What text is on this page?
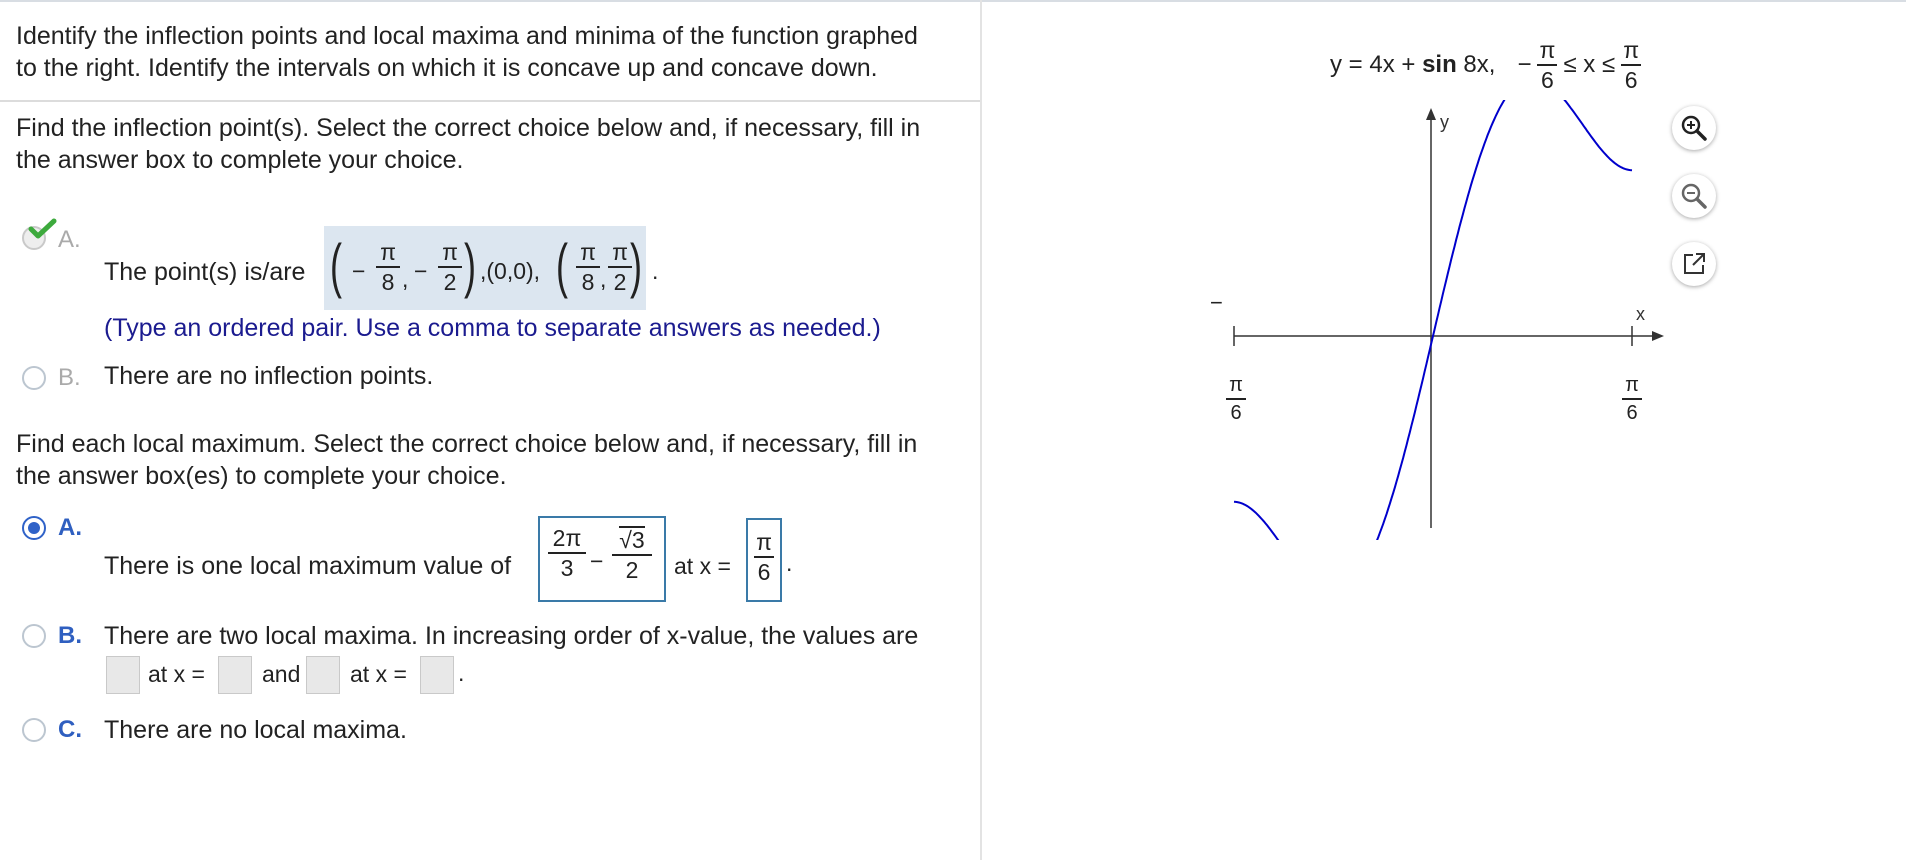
Identify the inflection points and local maxima and minima of the function graphed

to the right. Identify the intervals on which it is concave up and concave down.

Find the inflection point(s). Select the correct choice below and, if necessary, fill in

the answer box to complete your choice.

A.
The point(s) is/are ( −
π
8 , −
π
2 ) ,(0,0), ( π
8 ,
π
2 ) .
(Type an ordered pair. Use a comma to separate answers as needed.)
B. There are no inflection points.

Find each local maximum. Select the correct choice below and, if necessary, fill in

the answer box(es) to complete your choice.

A.
There is one local maximum value of
2π
3 −
√3
2 at x =
π
6 .
B. There are two local maxima. In increasing order of x-value, the values are
at x = and at x = .
C. There are no local maxima.
y = 4x + sin 8x, − $\frac{\pi}{6} \le x \le \frac{\pi}{6}$
y
x
−
π
6
π
6
